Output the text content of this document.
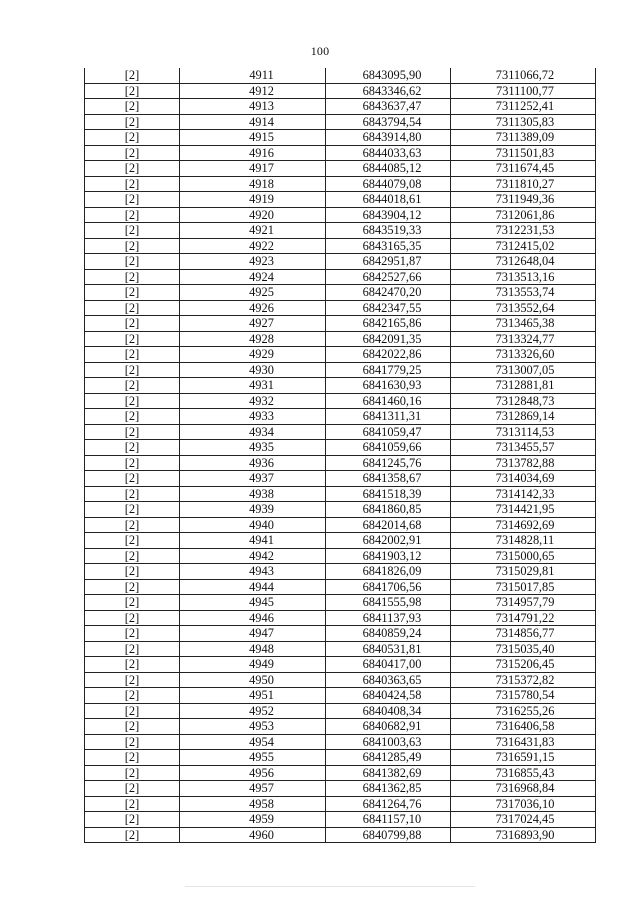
100
[2]	4911	6843095,90	7311066,72
[2]	4912	6843346,62	7311100,77
[2]	4913	6843637,47	7311252,41
[2]	4914	6843794,54	7311305,83
[2]	4915	6843914,80	7311389,09
[2]	4916	6844033,63	7311501,83
[2]	4917	6844085,12	7311674,45
[2]	4918	6844079,08	7311810,27
[2]	4919	6844018,61	7311949,36
[2]	4920	6843904,12	7312061,86
[2]	4921	6843519,33	7312231,53
[2]	4922	6843165,35	7312415,02
[2]	4923	6842951,87	7312648,04
[2]	4924	6842527,66	7313513,16
[2]	4925	6842470,20	7313553,74
[2]	4926	6842347,55	7313552,64
[2]	4927	6842165,86	7313465,38
[2]	4928	6842091,35	7313324,77
[2]	4929	6842022,86	7313326,60
[2]	4930	6841779,25	7313007,05
[2]	4931	6841630,93	7312881,81
[2]	4932	6841460,16	7312848,73
[2]	4933	6841311,31	7312869,14
[2]	4934	6841059,47	7313114,53
[2]	4935	6841059,66	7313455,57
[2]	4936	6841245,76	7313782,88
[2]	4937	6841358,67	7314034,69
[2]	4938	6841518,39	7314142,33
[2]	4939	6841860,85	7314421,95
[2]	4940	6842014,68	7314692,69
[2]	4941	6842002,91	7314828,11
[2]	4942	6841903,12	7315000,65
[2]	4943	6841826,09	7315029,81
[2]	4944	6841706,56	7315017,85
[2]	4945	6841555,98	7314957,79
[2]	4946	6841137,93	7314791,22
[2]	4947	6840859,24	7314856,77
[2]	4948	6840531,81	7315035,40
[2]	4949	6840417,00	7315206,45
[2]	4950	6840363,65	7315372,82
[2]	4951	6840424,58	7315780,54
[2]	4952	6840408,34	7316255,26
[2]	4953	6840682,91	7316406,58
[2]	4954	6841003,63	7316431,83
[2]	4955	6841285,49	7316591,15
[2]	4956	6841382,69	7316855,43
[2]	4957	6841362,85	7316968,84
[2]	4958	6841264,76	7317036,10
[2]	4959	6841157,10	7317024,45
[2]	4960	6840799,88	7316893,90
